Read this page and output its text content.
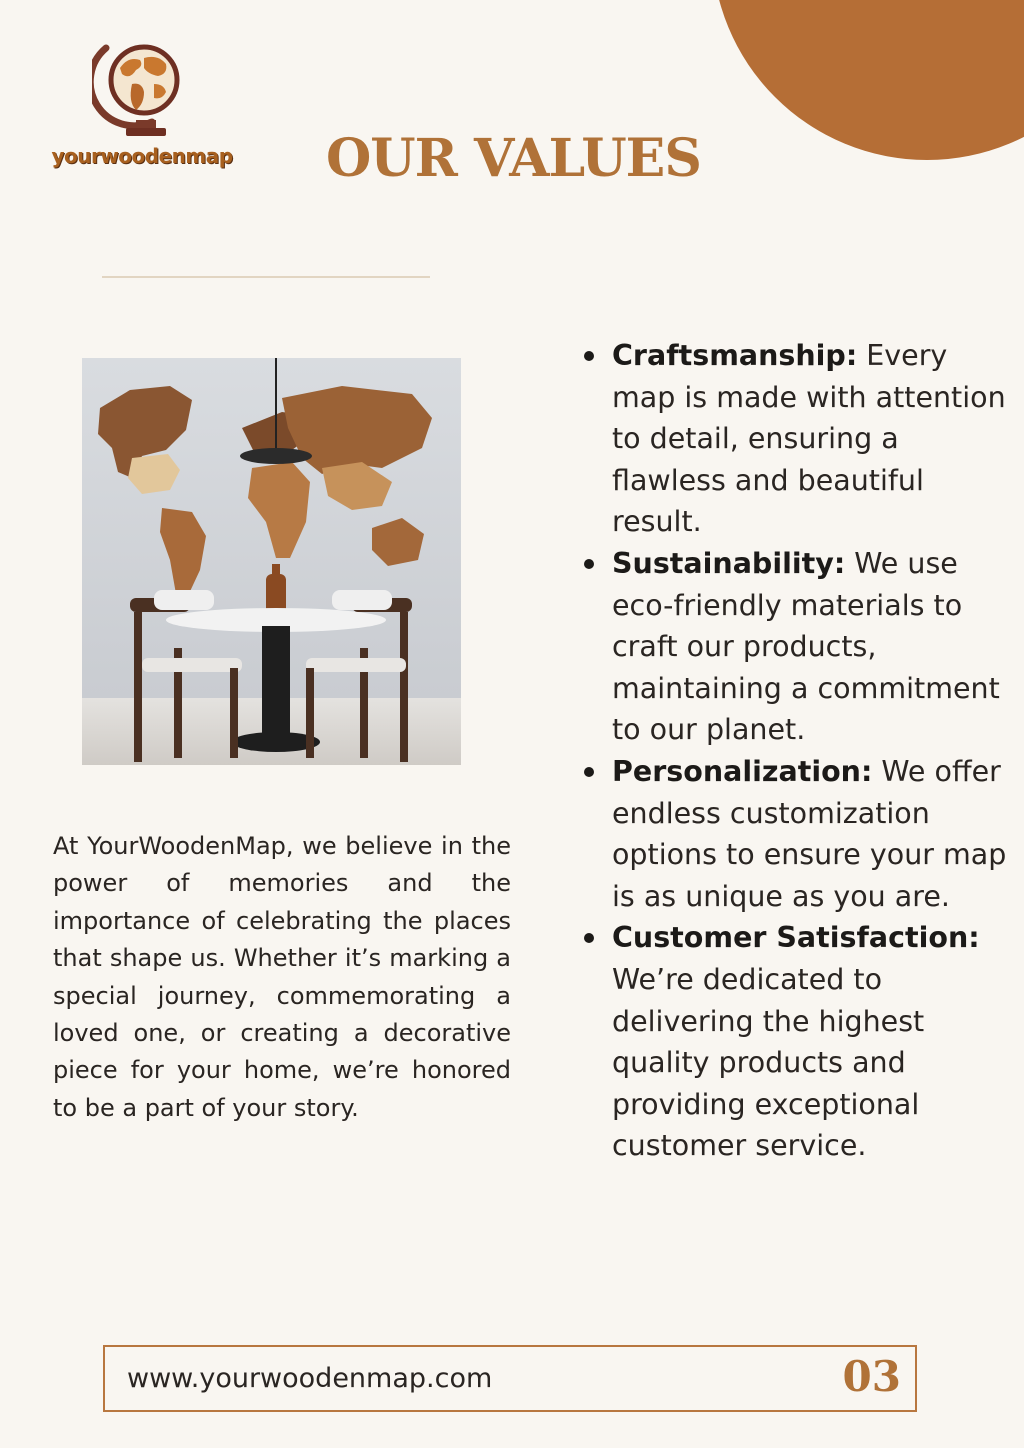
yourwoodenmap	OUR VALUES

At YourWoodenMap, we believe in the power of memories and the importance of celebrating the places that shape us. Whether it’s marking a special journey, commemorating a loved one, or creating a decorative piece for your home, we’re honored to be a part of your story.

Craftsmanship: Every map is made with attention to detail, ensuring a flawless and beautiful result.
Sustainability: We use eco-friendly materials to craft our products, maintaining a commitment to our planet.
Personalization: We offer endless customization options to ensure your map is as unique as you are.
Customer Satisfaction: We’re dedicated to delivering the highest quality products and providing exceptional customer service.
www.yourwoodenmap.com	03
